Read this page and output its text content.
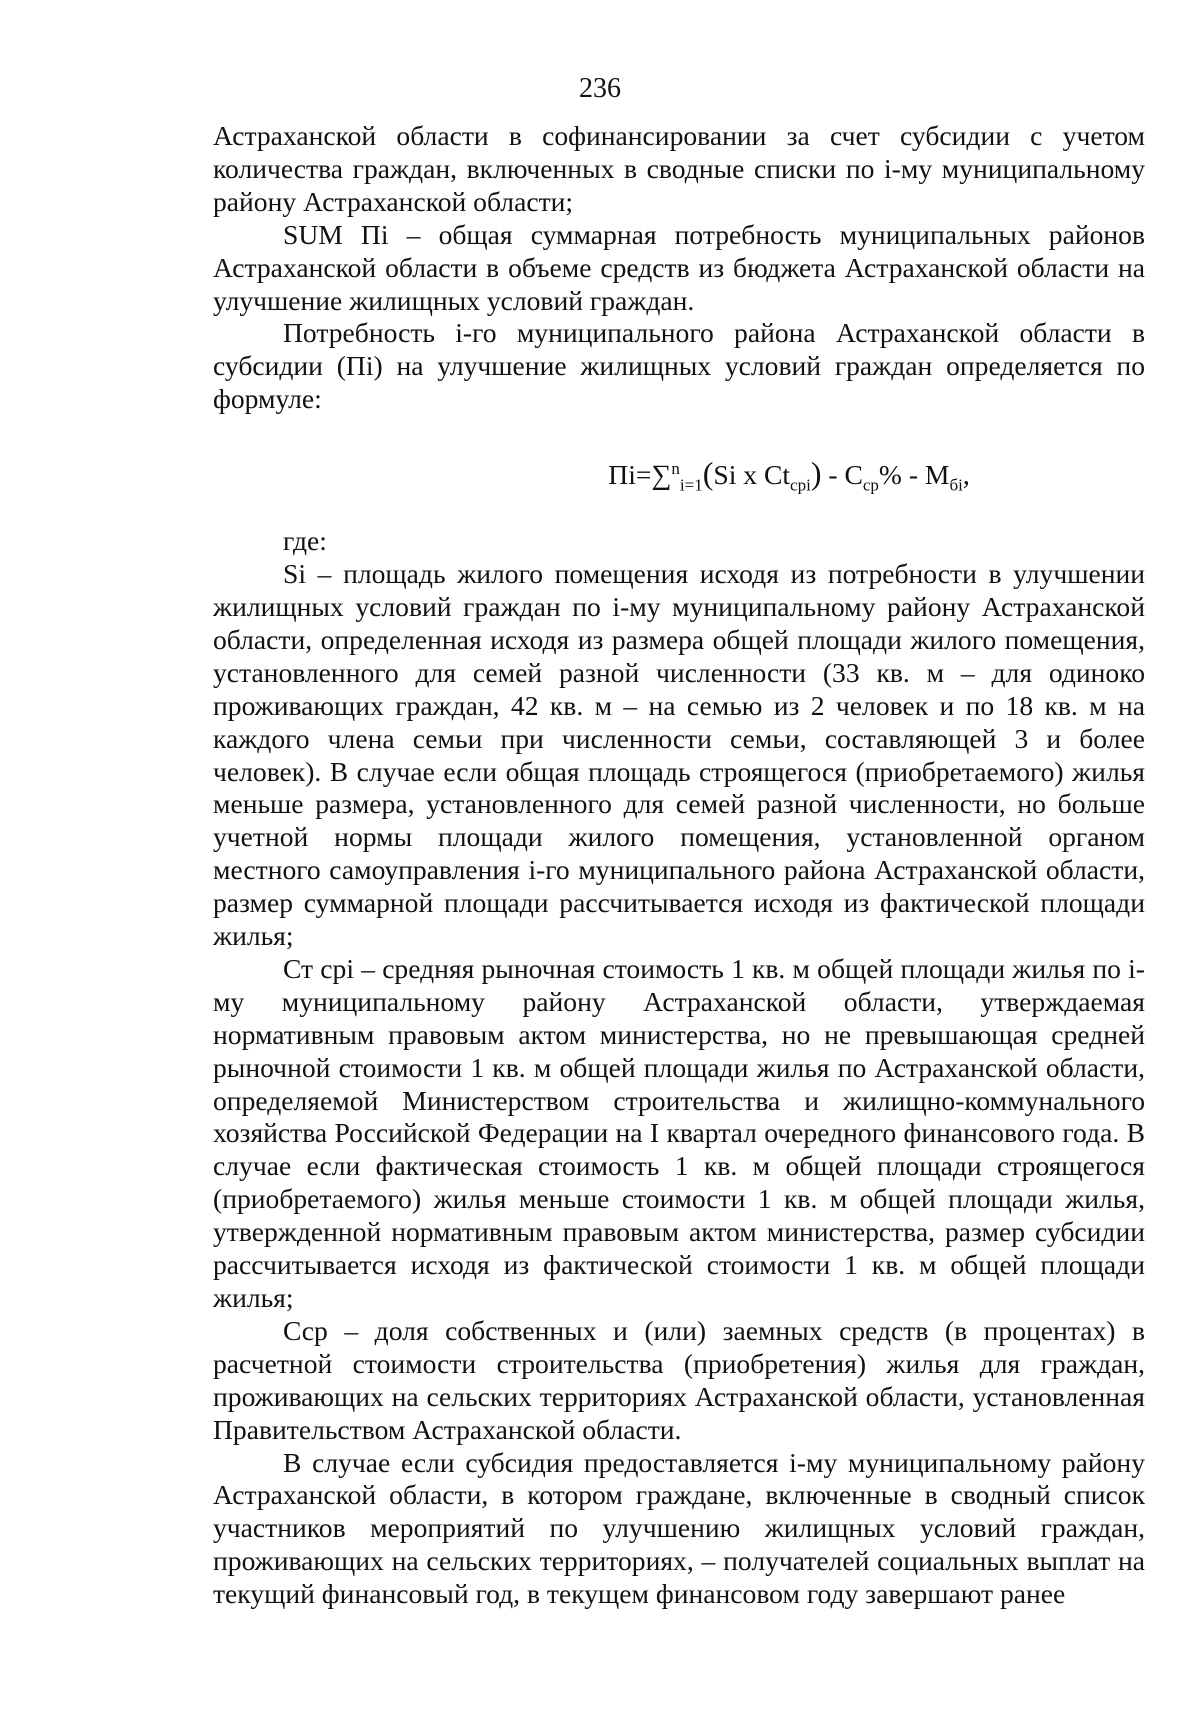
236

Астраханской области в софинансировании за счет субсидии с учетом количества граждан, включенных в сводные списки по i-му муниципальному району Астраханской области;

SUM Пi – общая суммарная потребность муниципальных районов Астраханской области в объеме средств из бюджета Астраханской области на улучшение жилищных условий граждан.

Потребность i-го муниципального района Астраханской области в субсидии (Пi) на улучшение жилищных условий граждан определяется по формуле:

Пi=∑$^n_{i=1}$(Si x $Ct_{cpi}) - C_{cp}\% - M_{бi}$,

где:

Si – площадь жилого помещения исходя из потребности в улучшении жилищных условий граждан по i-му муниципальному району Астраханской области, определенная исходя из размера общей площади жилого помещения, установленного для семей разной численности (33 кв. м – для одиноко проживающих граждан, 42 кв. м – на семью из 2 человек и по 18 кв. м на каждого члена семьи при численности семьи, составляющей 3 и более человек). В случае если общая площадь строящегося (приобретаемого) жилья меньше размера, установленного для семей разной численности, но больше учетной нормы площади жилого помещения, установленной органом местного самоуправления i-го муниципального района Астраханской области, размер суммарной площади рассчитывается исходя из фактической площади жилья;

Ст срi – средняя рыночная стоимость 1 кв. м общей площади жилья по i-му муниципальному району Астраханской области, утверждаемая нормативным правовым актом министерства, но не превышающая средней рыночной стоимости 1 кв. м общей площади жилья по Астраханской области, определяемой Министерством строительства и жилищно-коммунального хозяйства Российской Федерации на I квартал очередного финансового года. В случае если фактическая стоимость 1 кв. м общей площади строящегося (приобретаемого) жилья меньше стоимости 1 кв. м общей площади жилья, утвержденной нормативным правовым актом министерства, размер субсидии рассчитывается исходя из фактической стоимости 1 кв. м общей площади жилья;

Сср – доля собственных и (или) заемных средств (в процентах) в расчетной стоимости строительства (приобретения) жилья для граждан, проживающих на сельских территориях Астраханской области, установленная Правительством Астраханской области.

В случае если субсидия предоставляется i-му муниципальному району Астраханской области, в котором граждане, включенные в сводный список участников мероприятий по улучшению жилищных условий граждан, проживающих на сельских территориях, – получателей социальных выплат на текущий финансовый год, в текущем финансовом году завершают ранее
